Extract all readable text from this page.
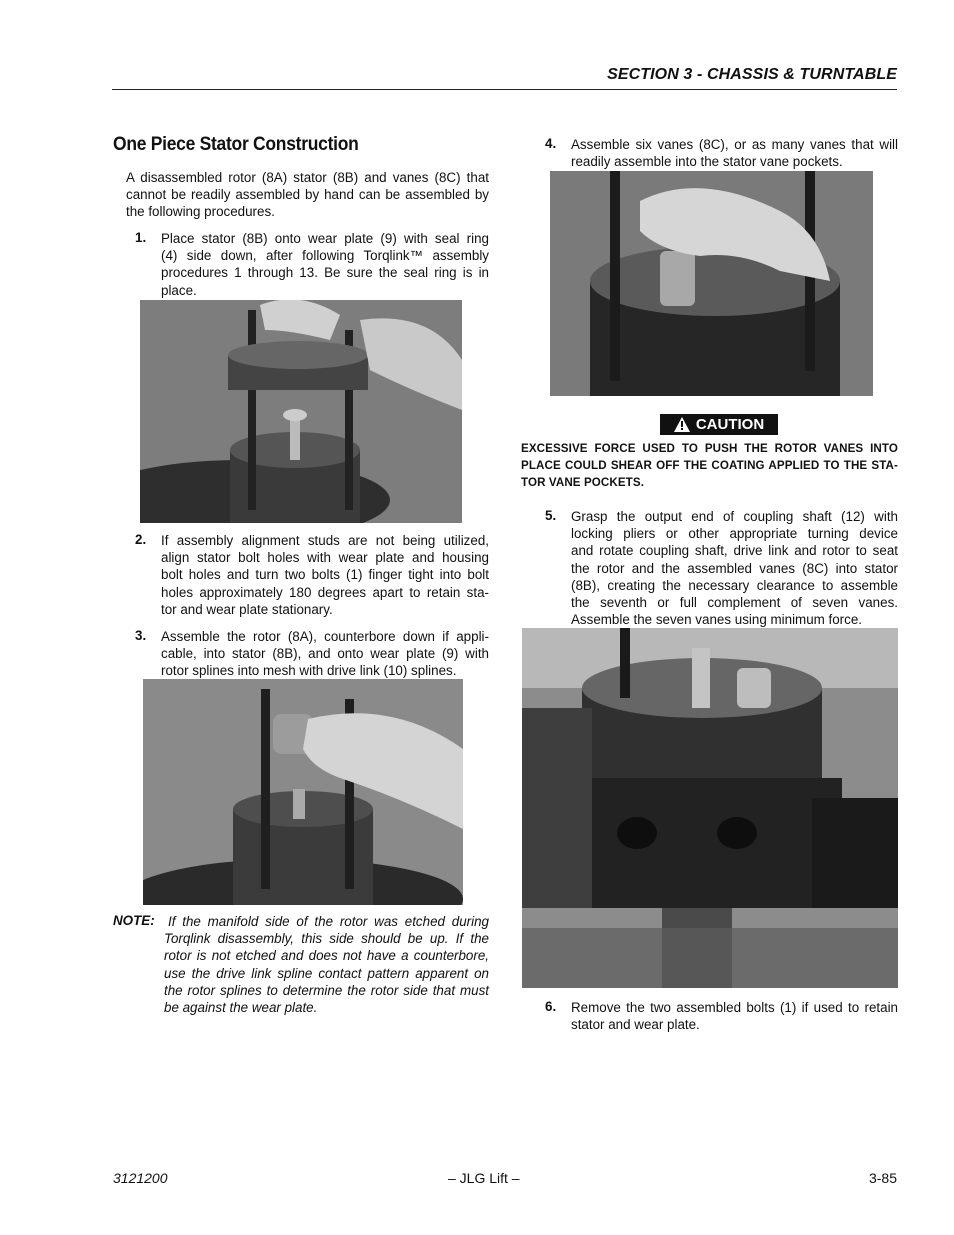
SECTION 3 - CHASSIS & TURNTABLE
One Piece Stator Construction
A disassembled rotor (8A) stator (8B) and vanes (8C) that cannot be readily assembled by hand can be assembled by the following procedures.
1. Place stator (8B) onto wear plate (9) with seal ring
(4) side down, after following Torqlink™ assembly
procedures 1 through 13. Be sure the seal ring is in
place.
2. If assembly alignment studs are not being utilized,
align stator bolt holes with wear plate and housing
bolt holes and turn two bolts (1) finger tight into bolt
holes approximately 180 degrees apart to retain sta-
tor and wear plate stationary.
3. Assemble the rotor (8A), counterbore down if appli-
cable, into stator (8B), and onto wear plate (9) with
rotor splines into mesh with drive link (10) splines.
NOTE: If the manifold side of the rotor was etched during
Torqlink disassembly, this side should be up. If the
rotor is not etched and does not have a counterbore,
use the drive link spline contact pattern apparent on
the rotor splines to determine the rotor side that must
be against the wear plate.
4. Assemble six vanes (8C), or as many vanes that will
readily assemble into the stator vane pockets.
CAUTION
EXCESSIVE FORCE USED TO PUSH THE ROTOR VANES INTO
PLACE COULD SHEAR OFF THE COATING APPLIED TO THE STA-
TOR VANE POCKETS.
5. Grasp the output end of coupling shaft (12) with
locking pliers or other appropriate turning device
and rotate coupling shaft, drive link and rotor to seat
the rotor and the assembled vanes (8C) into stator
(8B), creating the necessary clearance to assemble
the seventh or full complement of seven vanes.
Assemble the seven vanes using minimum force.
6. Remove the two assembled bolts (1) if used to retain
stator and wear plate.
3121200	– JLG Lift –	3-85
